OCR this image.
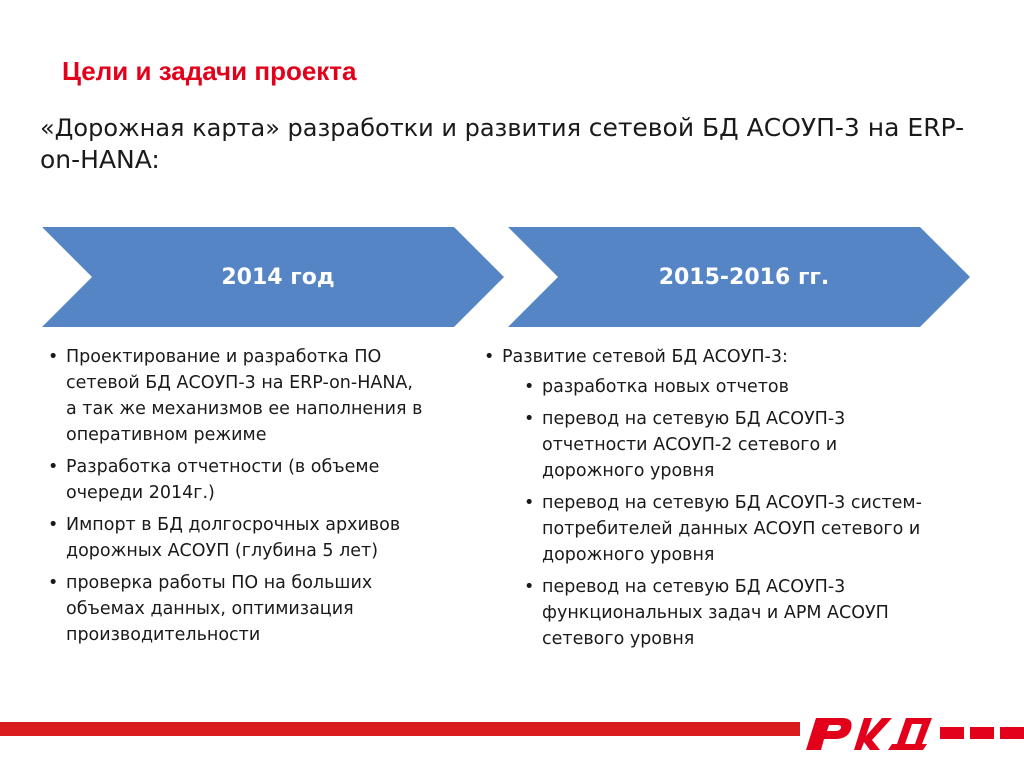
Цели и задачи проекта
«Дорожная карта» разработки и развития сетевой БД АСОУП-3 на ERP-on-HANA:
2014 год	2015-2016 гг.
• Проектирование и разработка ПО сетевой БД АСОУП-3 на ERP-on-HANA, а так же механизмов ее наполнения в оперативном режиме
• Разработка отчетности (в объеме очереди 2014г.)
• Импорт в БД долгосрочных архивов дорожных АСОУП (глубина 5 лет)
• проверка работы ПО на больших объемах данных, оптимизация производительности
• Развитие сетевой БД АСОУП-3:
• разработка новых отчетов
• перевод на сетевую БД АСОУП-3 отчетности АСОУП-2 сетевого и дорожного уровня
• перевод на сетевую БД АСОУП-3 систем-потребителей данных АСОУП сетевого и дорожного уровня
• перевод на сетевую БД АСОУП-3 функциональных задач и АРМ АСОУП сетевого уровня
